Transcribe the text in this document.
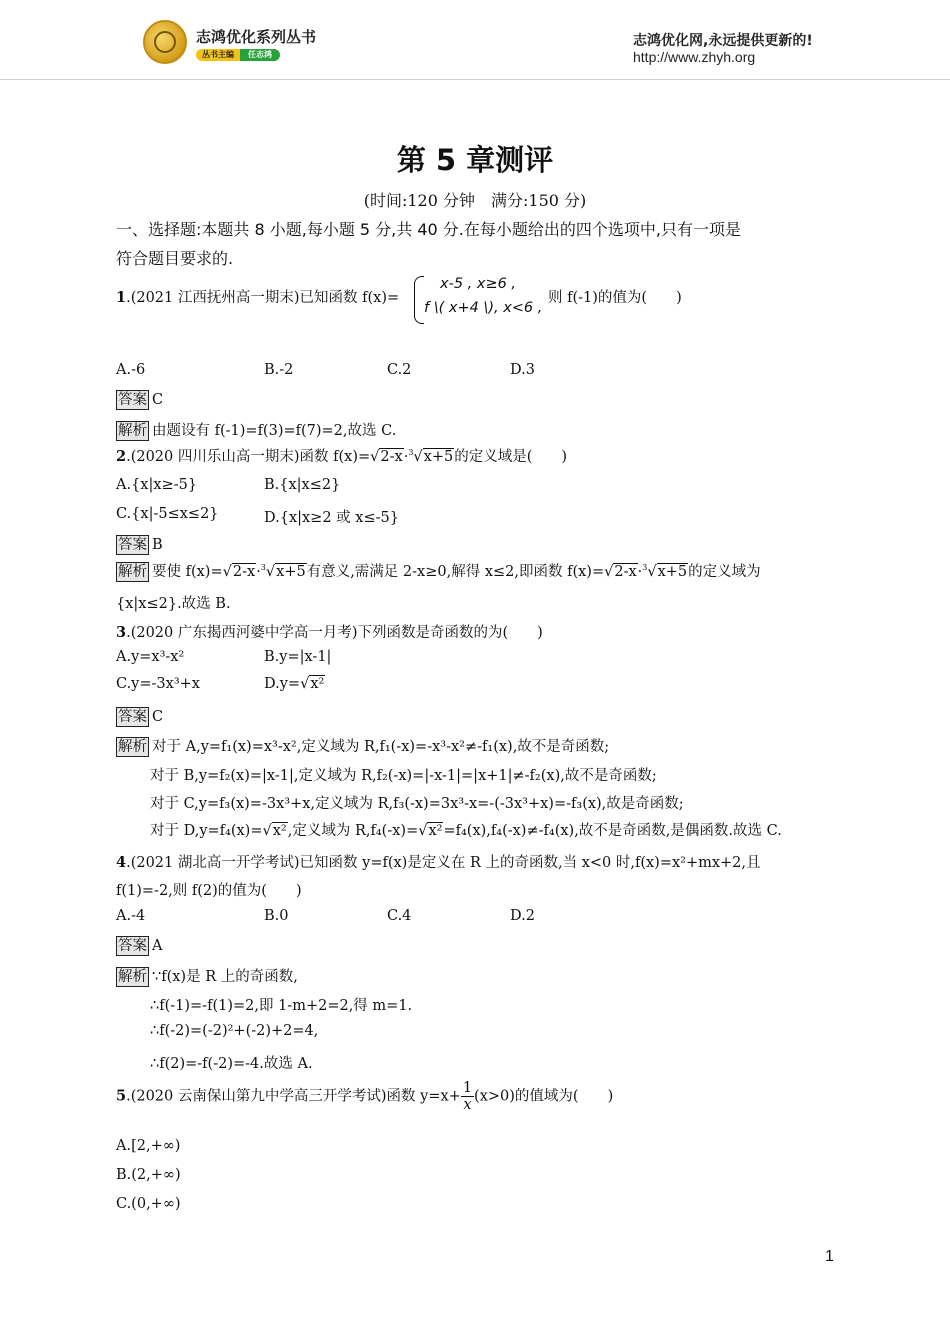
志鸿优化系列丛书
丛书主编	任志鸿
志鸿优化网,永远提供更新的!
http://www.zhyh.org
第 5 章测评
(时间:120 分钟　满分:150 分)
一、选择题:本题共 8 小题,每小题 5 分,共 40 分.在每小题给出的四个选项中,只有一项是
符合题目要求的.
1.(2021 江西抚州高一期末)已知函数 f(x)=
x-5 , x≥6 ,
f \( x+4 \), x<6 ,
则 f(-1)的值为(　　)
A.-6	B.-2	C.2	D.3
答案 C
解析 由题设有 f(-1)=f(3)=f(7)=2,故选 C.
2.(2020 四川乐山高一期末)函数 f(x)=√2-x·$^3$√x+5的定义域是(　　)
A.{x|x≥-5}	B.{x|x≤2}
C.{x|-5≤x≤2}	D.{x|x≥2 或 x≤-5}
答案 B
解析 要使 f(x)=√2-x·$^3$√x+5有意义,需满足 2-x≥0,解得 x≤2,即函数 f(x)=√2-x·$^3$√x+5的定义域为
{x|x≤2}.故选 B.
3.(2020 广东揭西河婆中学高一月考)下列函数是奇函数的为(　　)
A.y=x³-x²	B.y=|x-1|
C.y=-3x³+x	D.y=√x²
答案 C
解析 对于 A,y=f₁(x)=x³-x²,定义域为 R,f₁(-x)=-x³-x²≠-f₁(x),故不是奇函数;
对于 B,y=f₂(x)=|x-1|,定义域为 R,f₂(-x)=|-x-1|=|x+1|≠-f₂(x),故不是奇函数;
对于 C,y=f₃(x)=-3x³+x,定义域为 R,f₃(-x)=3x³-x=-(-3x³+x)=-f₃(x),故是奇函数;
对于 D,y=f₄(x)=√x²,定义域为 R,f₄(-x)=√x²=f₄(x),f₄(-x)≠-f₄(x),故不是奇函数,是偶函数.故选 C.
4.(2021 湖北高一开学考试)已知函数 y=f(x)是定义在 R 上的奇函数,当 x<0 时,f(x)=x²+mx+2,且
f(1)=-2,则 f(2)的值为(　　)
A.-4	B.0	C.4	D.2
答案 A
解析 ∵f(x)是 R 上的奇函数,
∴f(-1)=-f(1)=2,即 1-m+2=2,得 m=1.
∴f(-2)=(-2)²+(-2)+2=4,
∴f(2)=-f(-2)=-4.故选 A.
5.(2020 云南保山第九中学高三开学考试)函数 $y=x+ \frac{1}{x} (x>0)$的值域为(　　)
A.[2,+∞)
B.(2,+∞)
C.(0,+∞)
1
